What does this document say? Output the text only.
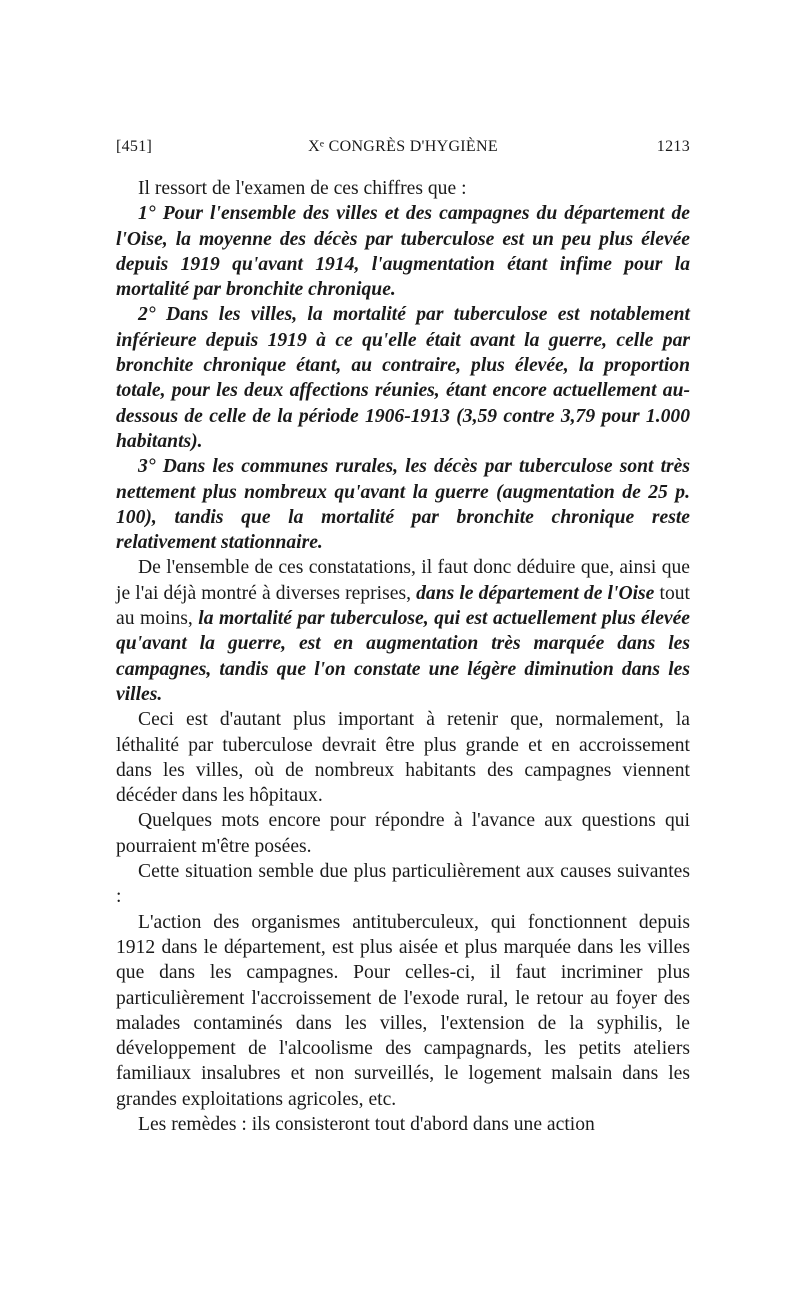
[451]	Xᵉ CONGRÈS D'HYGIÈNE	1213

Il ressort de l'examen de ces chiffres que :

1° Pour l'ensemble des villes et des campagnes du département de l'Oise, la moyenne des décès par tuberculose est un peu plus élevée depuis 1919 qu'avant 1914, l'augmentation étant infime pour la mortalité par bronchite chronique.

2° Dans les villes, la mortalité par tuberculose est notablement inférieure depuis 1919 à ce qu'elle était avant la guerre, celle par bronchite chronique étant, au contraire, plus élevée, la proportion totale, pour les deux affections réunies, étant encore actuellement au-dessous de celle de la période 1906-1913 (3,59 contre 3,79 pour 1.000 habitants).

3° Dans les communes rurales, les décès par tuberculose sont très nettement plus nombreux qu'avant la guerre (augmentation de 25 p. 100), tandis que la mortalité par bronchite chronique reste relativement stationnaire.

De l'ensemble de ces constatations, il faut donc déduire que, ainsi que je l'ai déjà montré à diverses reprises, dans le département de l'Oise tout au moins, la mortalité par tuberculose, qui est actuellement plus élevée qu'avant la guerre, est en augmentation très marquée dans les campagnes, tandis que l'on constate une légère diminution dans les villes.

Ceci est d'autant plus important à retenir que, normalement, la léthalité par tuberculose devrait être plus grande et en accroissement dans les villes, où de nombreux habitants des campagnes viennent décéder dans les hôpitaux.

Quelques mots encore pour répondre à l'avance aux questions qui pourraient m'être posées.

Cette situation semble due plus particulièrement aux causes suivantes :

L'action des organismes antituberculeux, qui fonctionnent depuis 1912 dans le département, est plus aisée et plus marquée dans les villes que dans les campagnes. Pour celles-ci, il faut incriminer plus particulièrement l'accroissement de l'exode rural, le retour au foyer des malades contaminés dans les villes, l'extension de la syphilis, le développement de l'alcoolisme des campagnards, les petits ateliers familiaux insalubres et non surveillés, le logement malsain dans les grandes exploitations agricoles, etc.

Les remèdes : ils consisteront tout d'abord dans une action
